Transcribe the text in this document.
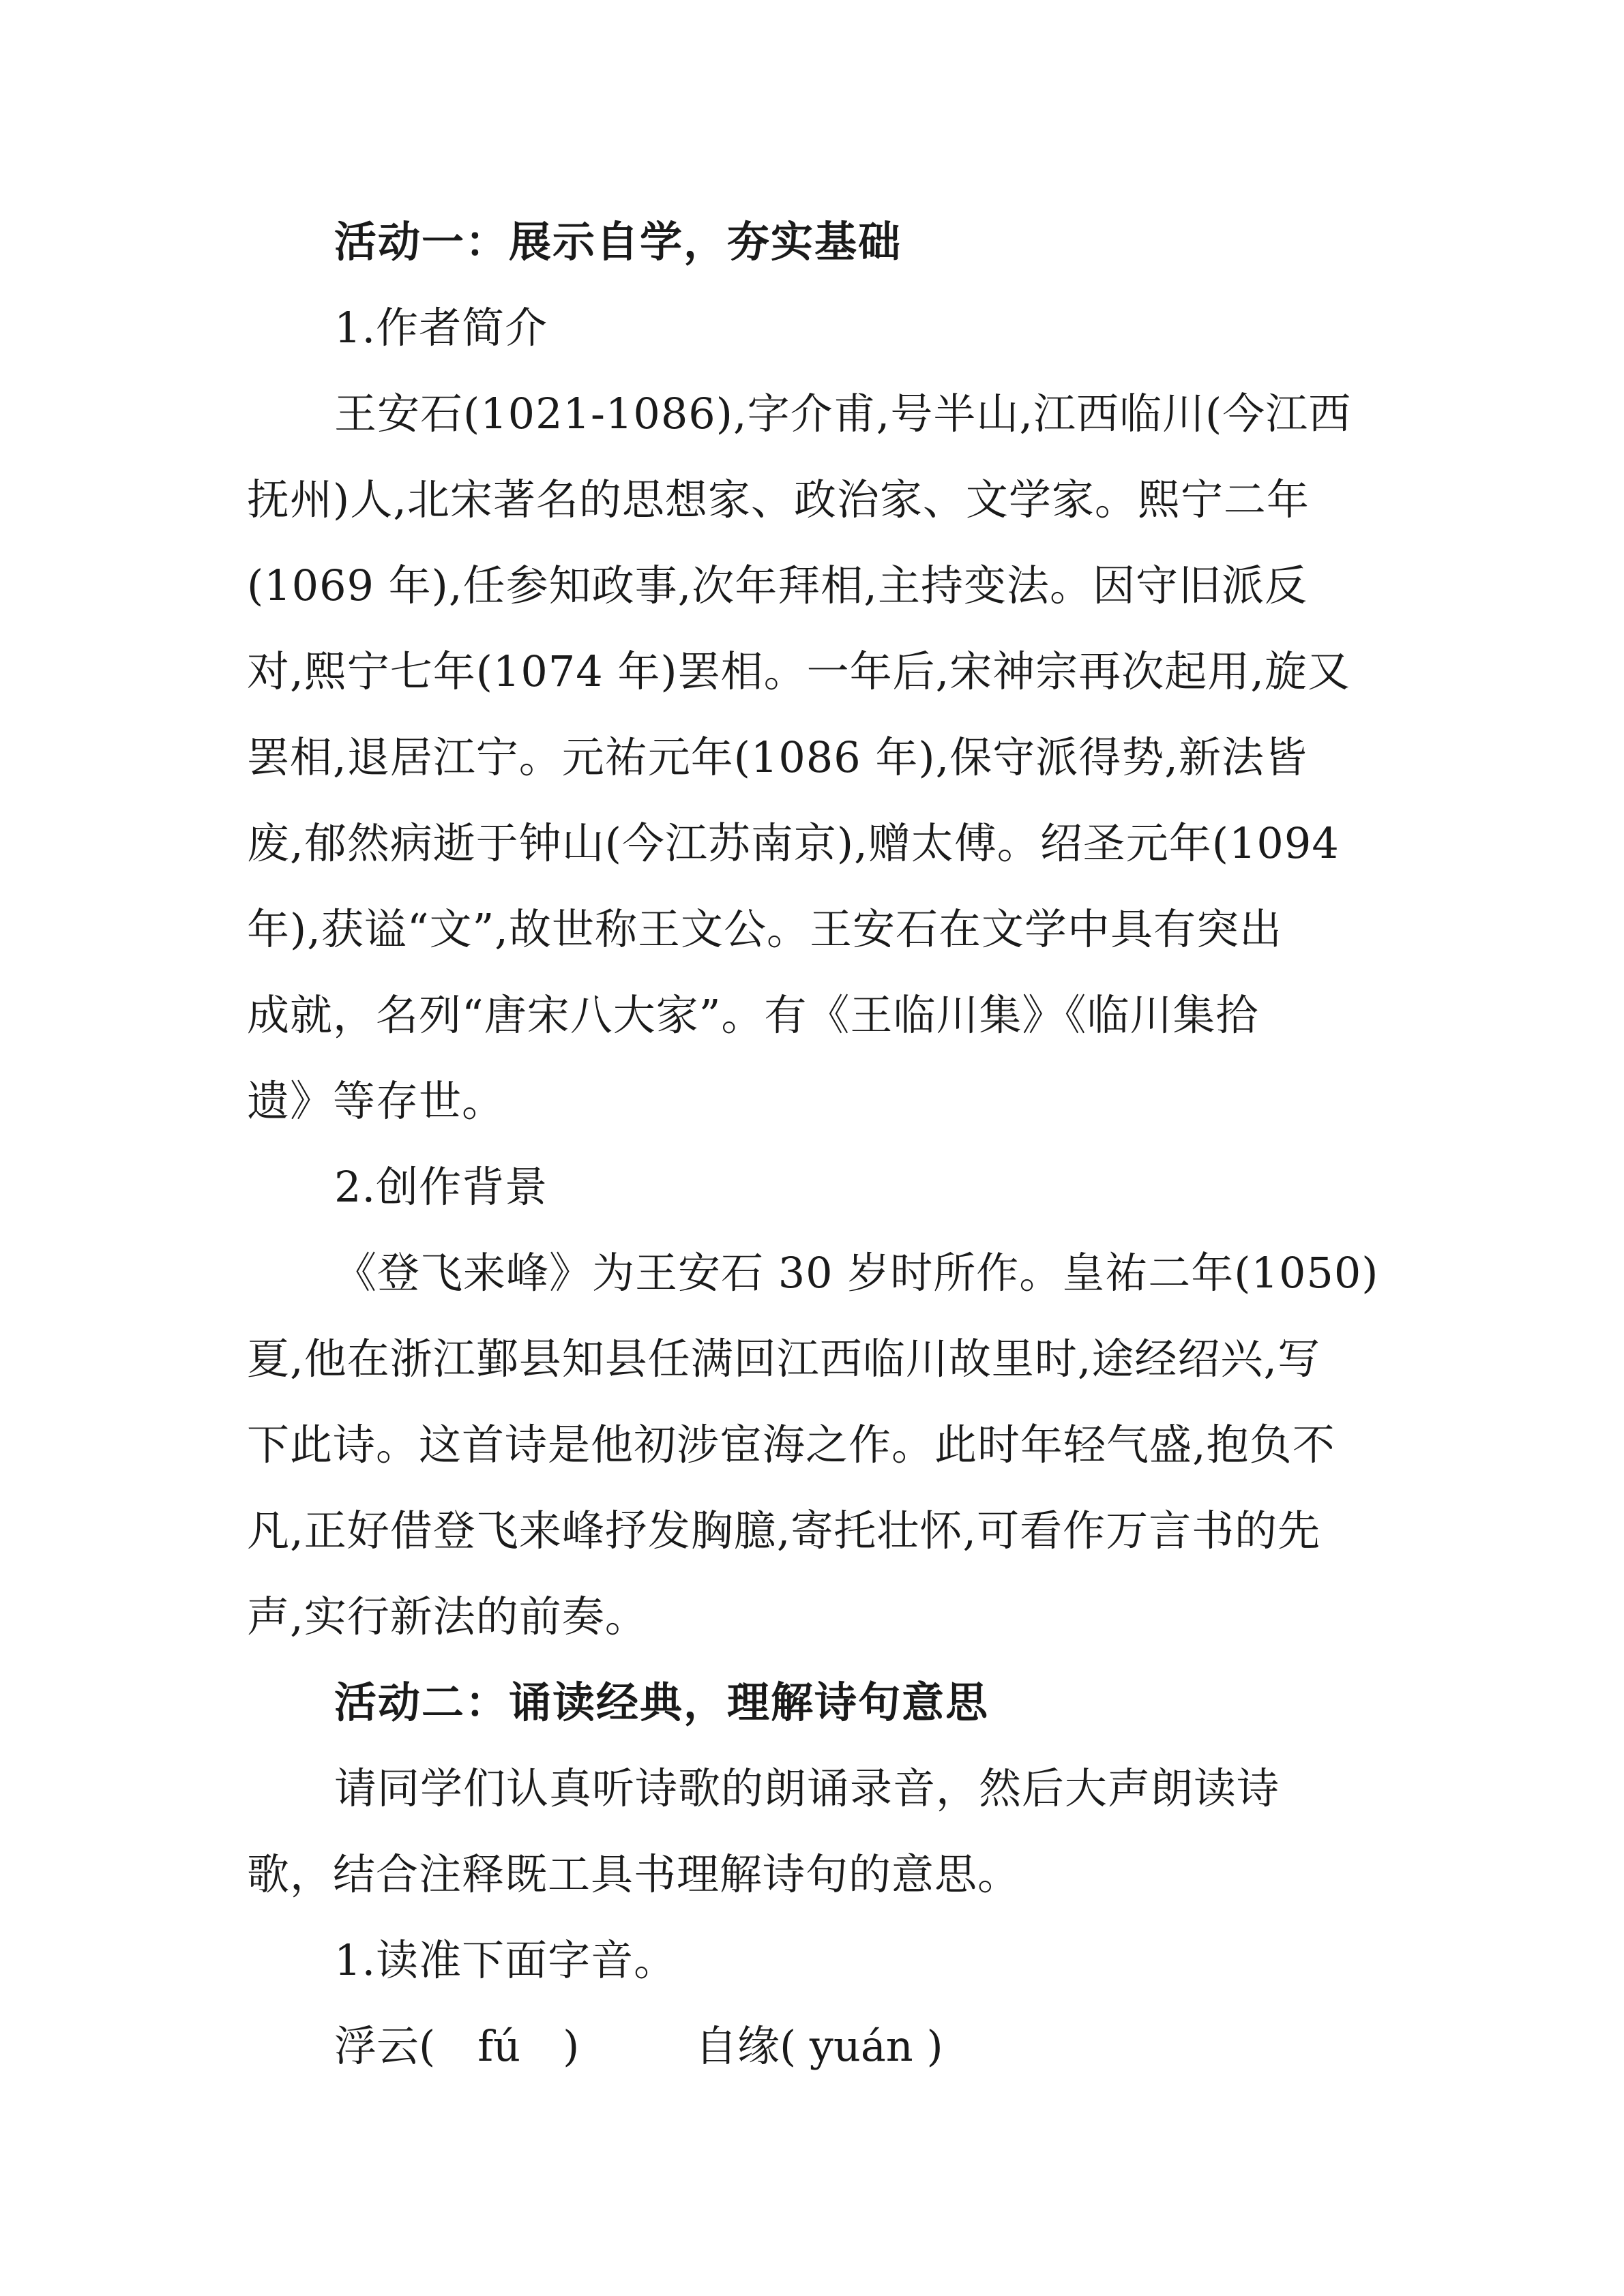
活动一：展示自学，夯实基础
1.作者简介
王安石(1021-1086),字介甫,号半山,江西临川(今江西
抚州)人,北宋著名的思想家、政治家、文学家。熙宁二年
(1069 年),任参知政事,次年拜相,主持变法。因守旧派反
对,熙宁七年(1074 年)罢相。一年后,宋神宗再次起用,旋又
罢相,退居江宁。元祐元年(1086 年),保守派得势,新法皆
废,郁然病逝于钟山(今江苏南京),赠太傅。绍圣元年(1094
年),获谥“文”,故世称王文公。王安石在文学中具有突出
成就，名列“唐宋八大家”。有《王临川集》《临川集拾
遗》等存世。
2.创作背景
《登飞来峰》为王安石 30 岁时所作。皇祐二年(1050)
夏,他在浙江鄞县知县任满回江西临川故里时,途经绍兴,写
下此诗。这首诗是他初涉宦海之作。此时年轻气盛,抱负不
凡,正好借登飞来峰抒发胸臆,寄托壮怀,可看作万言书的先
声,实行新法的前奏。
活动二：诵读经典，理解诗句意思
请同学们认真听诗歌的朗诵录音，然后大声朗读诗
歌，结合注释既工具书理解诗句的意思。
1.读准下面字音。
浮云(　fú　)	自缘( yuán )
